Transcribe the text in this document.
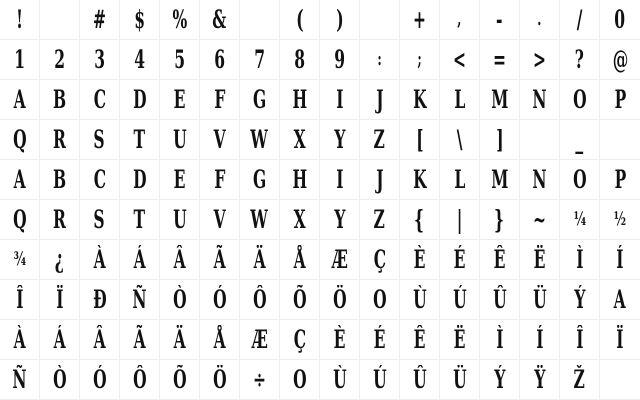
!	# $ % &	( )	+ , - . / 0
1 2 3 4 5 6 7 8 9 : ; < = > ? @
A B C D E F G H I J K L M N O P
Q R S T U V W X Y Z [ \ ]	_
A B C D E F G H I J K L M N O P
Q R S T U V W X Y Z { | } ~ ¼ ½
¾ ¿ À Á Â Ã Ä Å Æ Ç È É Ê Ë Ì Í
Î Ï Ð Ñ Ò Ó Ô Õ Ö O Ù Ú Û Ü Ý A
À Á Â Ã Ä Å Æ Ç È É Ê Ë Ì Í Î Ï
Ñ Ò Ó Ô Õ Ö ÷ O Ù Ú Û Ü Ý Ÿ Ž
